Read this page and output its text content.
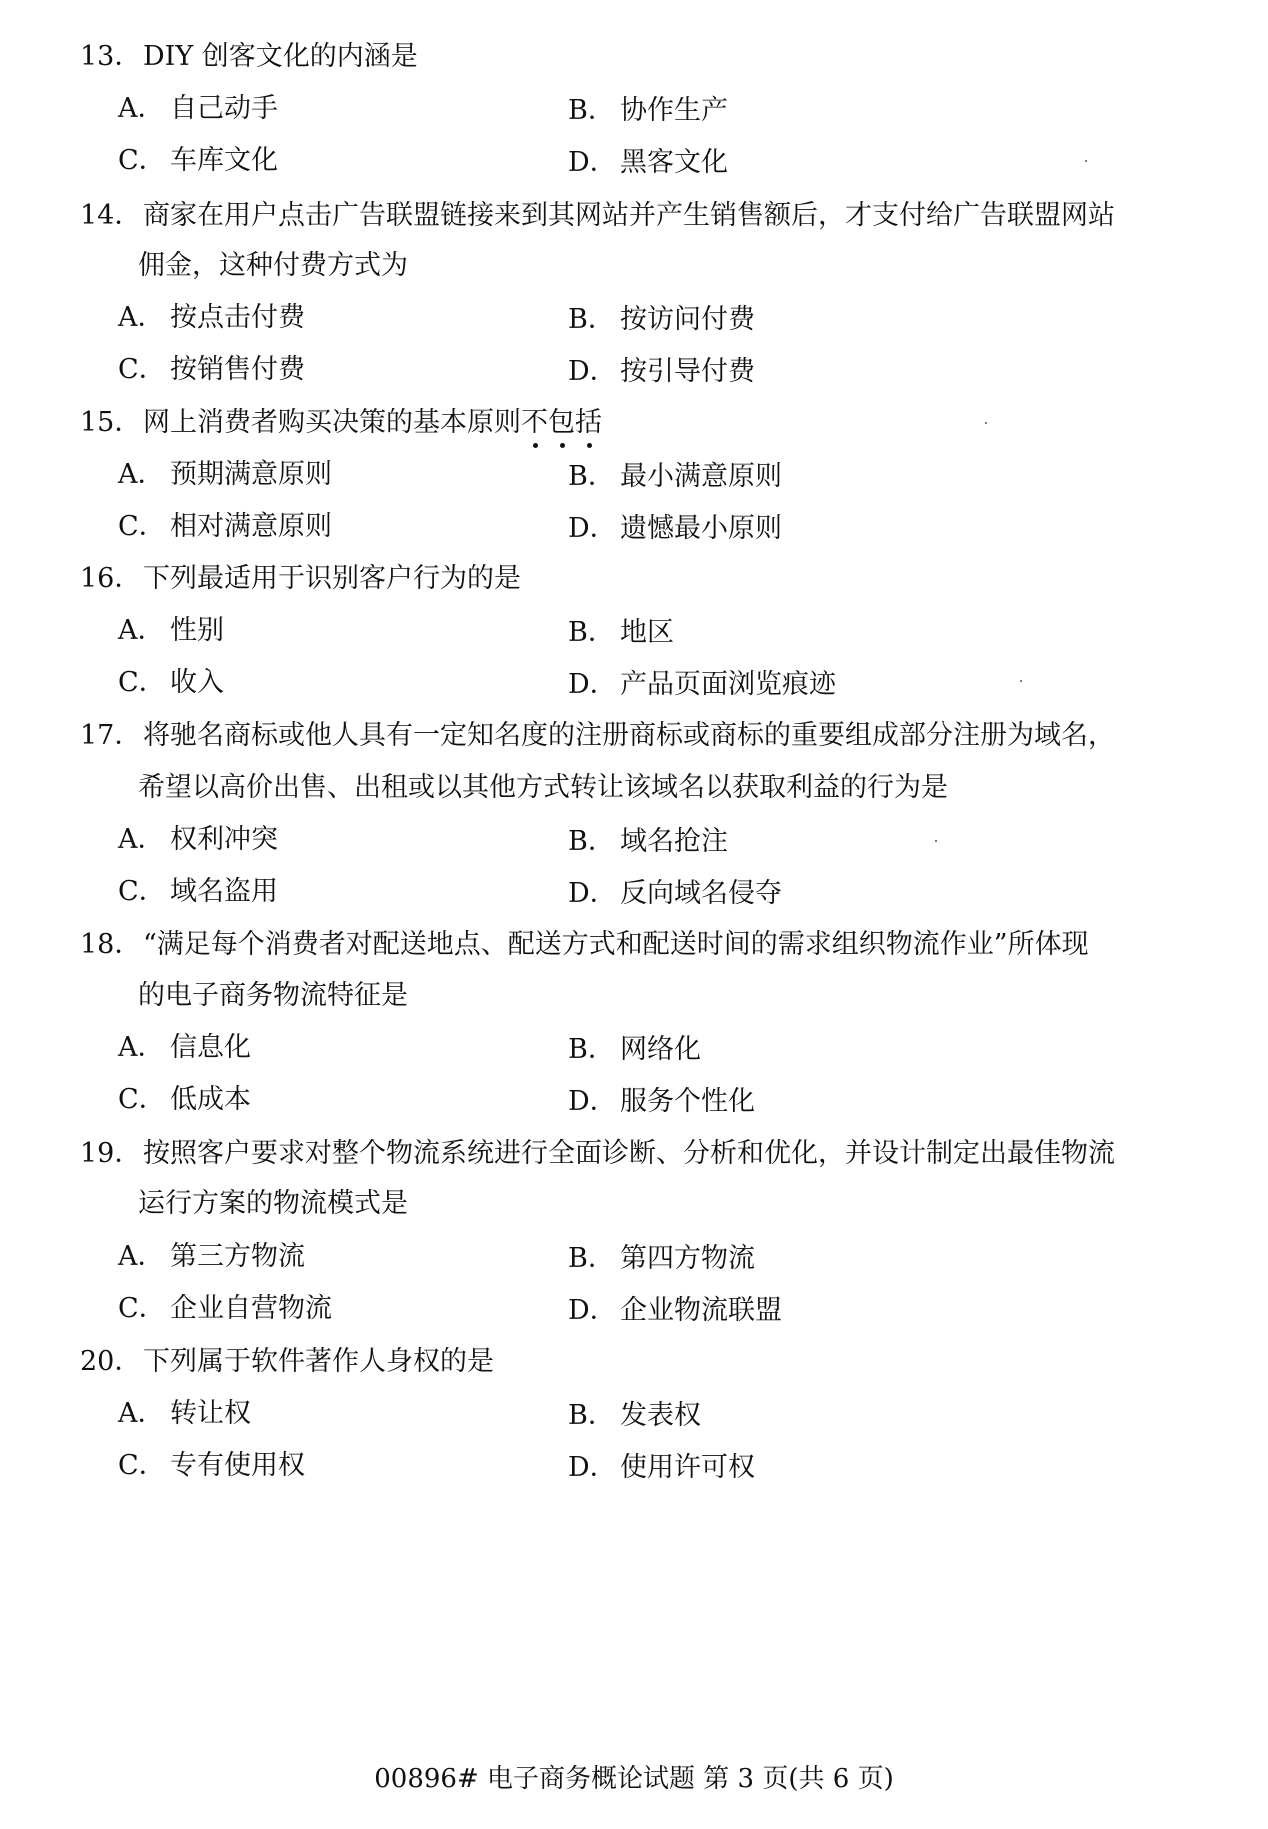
13．DIY 创客文化的内涵是
A． 自己动手	B． 协作生产
C． 车库文化	D． 黑客文化
14．商家在用户点击广告联盟链接来到其网站并产生销售额后，才支付给广告联盟网站
佣金，这种付费方式为
A． 按点击付费	B． 按访问付费
C． 按销售付费	D． 按引导付费
15．网上消费者购买决策的基本原则不包括
A． 预期满意原则	B． 最小满意原则
C． 相对满意原则	D． 遗憾最小原则
16．下列最适用于识别客户行为的是
A． 性别	B． 地区
C． 收入	D． 产品页面浏览痕迹
17．将驰名商标或他人具有一定知名度的注册商标或商标的重要组成部分注册为域名，
希望以高价出售、出租或以其他方式转让该域名以获取利益的行为是
A． 权利冲突	B． 域名抢注
C． 域名盗用	D． 反向域名侵夺
18．“满足每个消费者对配送地点、配送方式和配送时间的需求组织物流作业”所体现
的电子商务物流特征是
A． 信息化	B． 网络化
C． 低成本	D． 服务个性化
19．按照客户要求对整个物流系统进行全面诊断、分析和优化，并设计制定出最佳物流
运行方案的物流模式是
A． 第三方物流	B． 第四方物流
C． 企业自营物流	D． 企业物流联盟
20．下列属于软件著作人身权的是
A． 转让权	B． 发表权
C． 专有使用权	D． 使用许可权
00896# 电子商务概论试题 第 3 页(共 6 页)
